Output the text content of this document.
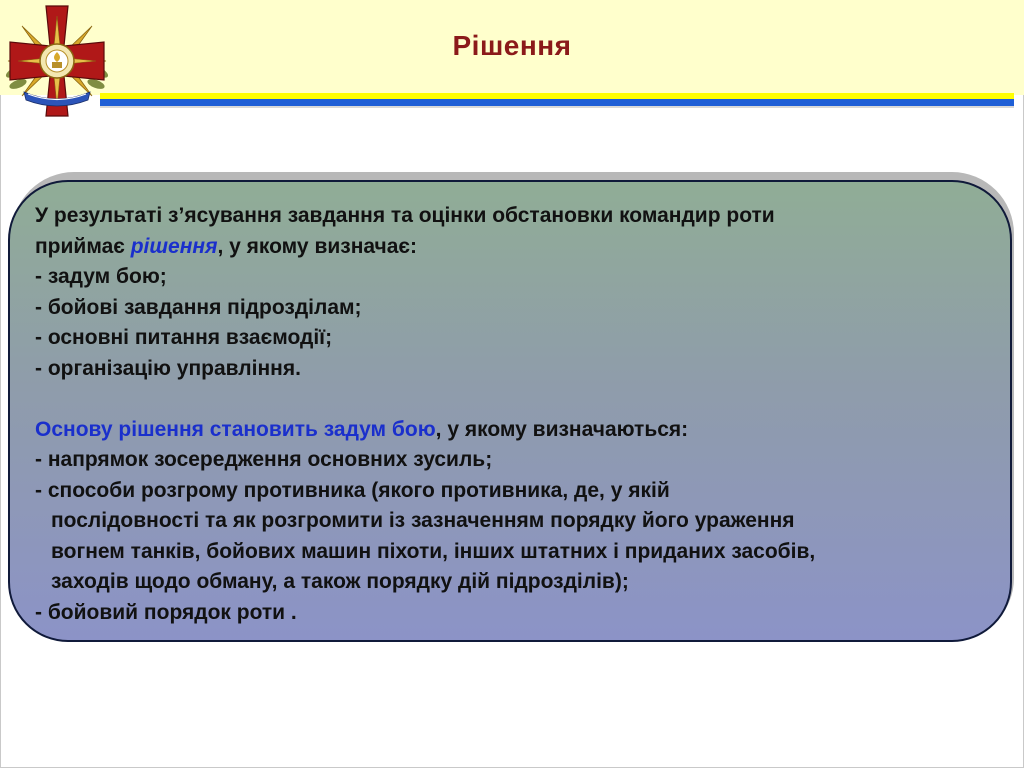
Рішення
У результаті з’ясування завдання та оцінки обстановки командир роти
приймає рішення, у якому визначає:
- задум бою;
- бойові завдання підрозділам;
- основні питання взаємодії;
- організацію управління.
Основу рішення становить задум бою, у якому визначаються:
- напрямок зосередження основних зусиль;
- способи розгрому противника (якого противника, де, у якій
послідовності та як розгромити із зазначенням порядку його ураження
вогнем танків, бойових машин піхоти, інших штатних і приданих засобів,
заходів щодо обману, а також порядку дій підрозділів);
- бойовий порядок роти .
